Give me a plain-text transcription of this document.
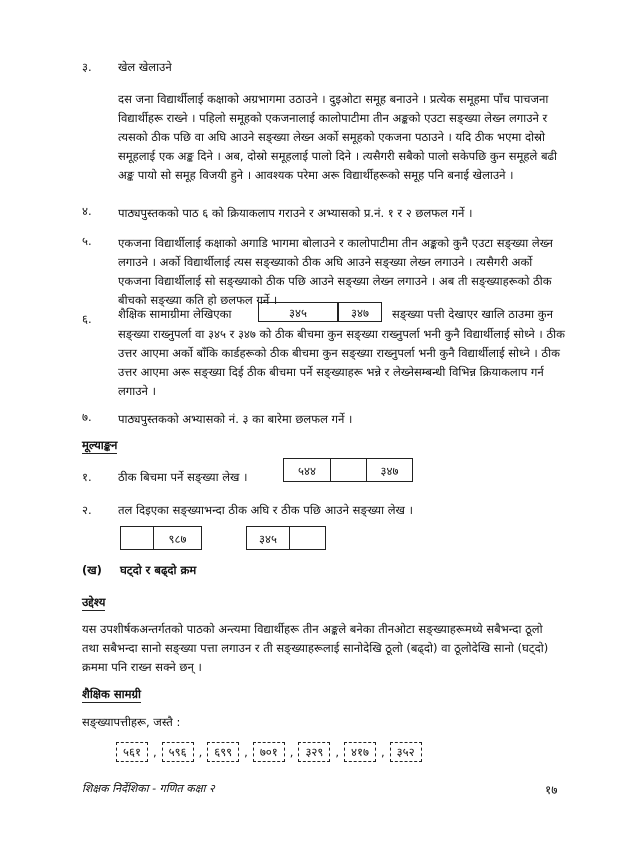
३. खेल खेलाउने
दस जना विद्यार्थीलाई कक्षाको अग्रभागमा उठाउने । दुइओटा समूह बनाउने । प्रत्येक समूहमा पाँच पाचजना विद्यार्थीहरू राख्ने । पहिलो समूहको एकजनालाई कालोपाटीमा तीन अङ्कको एउटा सङ्ख्या लेख्न लगाउने र त्यसको ठीक पछि वा अघि आउने सङ्ख्या लेख्न अर्को समूहको एकजना पठाउने । यदि ठीक भएमा दोस्रो समूहलाई एक अङ्क दिने । अब, दोस्रो समूहलाई पालो दिने । त्यसैगरी सबैको पालो सकेपछि कुन समूहले बढी अङ्क पायो सो समूह विजयी हुने । आवश्यक परेमा अरू विद्यार्थीहरूको समूह पनि बनाई खेलाउने ।
४. पाठ्यपुस्तकको पाठ ६ को क्रियाकलाप गराउने र अभ्यासको प्र.नं. १ र २ छलफल गर्ने ।
५. एकजना विद्यार्थीलाई कक्षाको अगाडि भागमा बोलाउने र कालोपाटीमा तीन अङ्कको कुनै एउटा सङ्ख्या लेख्न लगाउने । अर्को विद्यार्थीलाई त्यस सङ्ख्याको ठीक अघि आउने सङ्ख्या लेख्न लगाउने । त्यसैगरी अर्को एकजना विद्यार्थीलाई सो सङ्ख्याको ठीक पछि आउने सङ्ख्या लेख्न लगाउने । अब ती सङ्ख्याहरूको ठीक बीचको सङ्ख्या कति हो छलफल गर्ने ।
६. शैक्षिक सामाग्रीमा लेखिएका	३४५	३४७	सङ्ख्या पत्ती देखाएर खालि ठाउमा कुन
सङ्ख्या राख्नुपर्ला वा ३४५ र ३४७ को ठीक बीचमा कुन सङ्ख्या राख्नुपर्ला भनी कुनै विद्यार्थीलाई सोध्ने । ठीक उत्तर आएमा अर्को बाँकि कार्डहरूको ठीक बीचमा कुन सङ्ख्या राख्नुपर्ला भनी कुनै विद्यार्थीलाई सोध्ने । ठीक उत्तर आएमा अरू सङ्ख्या दिई ठीक बीचमा पर्ने सङ्ख्याहरू भन्ने र लेख्नेसम्बन्धी विभिन्न क्रियाकलाप गर्न लगाउने ।
७. पाठ्यपुस्तकको अभ्यासको नं. ३ का बारेमा छलफल गर्ने ।
मूल्याङ्कन
१. ठीक बिचमा पर्ने सङ्ख्या लेख ।	५४४	३४७
२. तल दिइएका सङ्ख्याभन्दा ठीक अघि र ठीक पछि आउने सङ्ख्या लेख ।
९८७	३४५
(ख) घट्दो र बढ्दो क्रम
उद्देश्य
यस उपशीर्षकअन्तर्गतको पाठको अन्त्यमा विद्यार्थीहरू तीन अङ्कले बनेका तीनओटा सङ्ख्याहरूमध्ये सबैभन्दा ठूलो तथा सबैभन्दा सानो सङ्ख्या पत्ता लगाउन र ती सङ्ख्याहरूलाई सानोदेखि ठूलो (बढ्दो) वा ठूलोदेखि सानो (घट्दो) क्रममा पनि राख्न सक्ने छन् ।
शैक्षिक सामग्री
सङ्ख्यापत्तीहरू, जस्तै :
५६१	,	५९६	,	६९९	,	७०१	,	३२९	,	४१७	,	३५२
शिक्षक निर्देशिका - गणित कक्षा २	१७
